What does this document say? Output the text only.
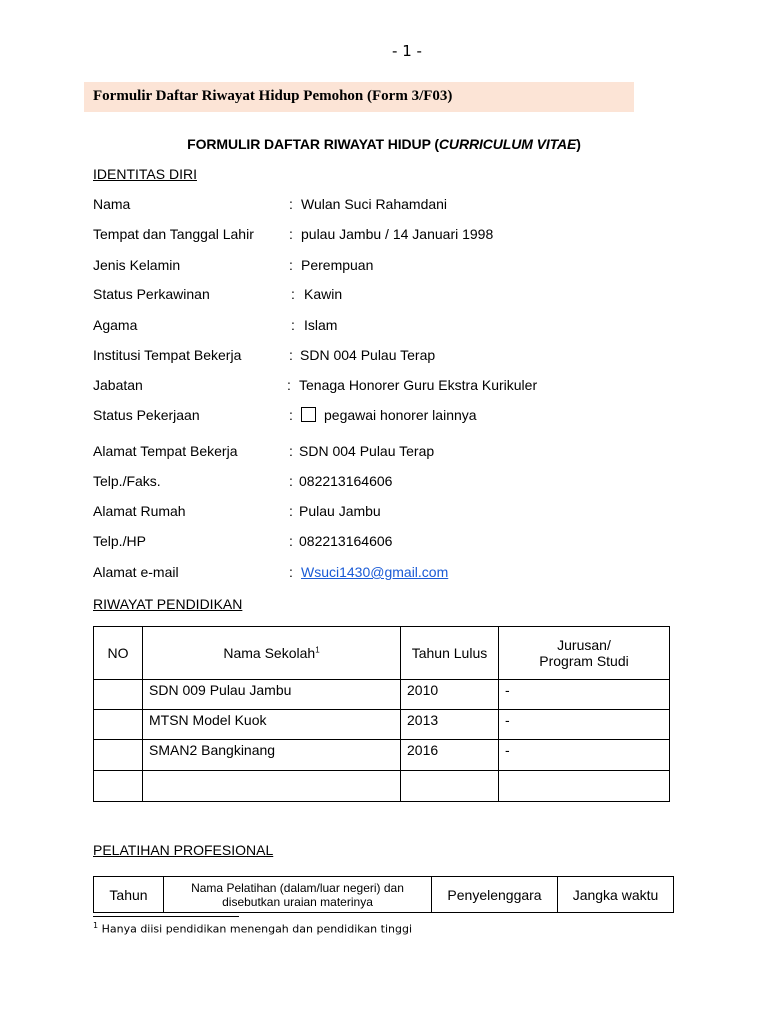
- 1 -
Formulir Daftar Riwayat Hidup Pemohon (Form 3/F03)
FORMULIR DAFTAR RIWAYAT HIDUP (CURRICULUM VITAE)
IDENTITAS DIRI
Nama	: Wulan Suci Rahamdani
Tempat dan Tanggal Lahir	: pulau Jambu / 14 Januari 1998
Jenis Kelamin	: Perempuan
Status Perkawinan	: Kawin
Agama	: Islam
Institusi Tempat Bekerja	: SDN 004 Pulau Terap
Jabatan	: Tenaga Honorer Guru Ekstra Kurikuler
Status Pekerjaan	:	pegawai honorer lainnya
Alamat Tempat Bekerja	: SDN 004 Pulau Terap
Telp./Faks.	: 082213164606
Alamat Rumah	: Pulau Jambu
Telp./HP	: 082213164606
Alamat e-mail	: Wsuci1430@gmail.com
RIWAYAT PENDIDIKAN
NO	Nama Sekolah$^1$	Tahun Lulus	Jurusan/
Program Studi

	SDN 009 Pulau Jambu	2010	-
	MTSN Model Kuok	2013	-
	SMAN2 Bangkinang	2016	-

PELATIHAN PROFESIONAL
Tahun	Nama Pelatihan (dalam/luar negeri) dan
disebutkan uraian materinya	Penyelenggara	Jangka waktu
$^1$ Hanya diisi pendidikan menengah dan pendidikan tinggi
